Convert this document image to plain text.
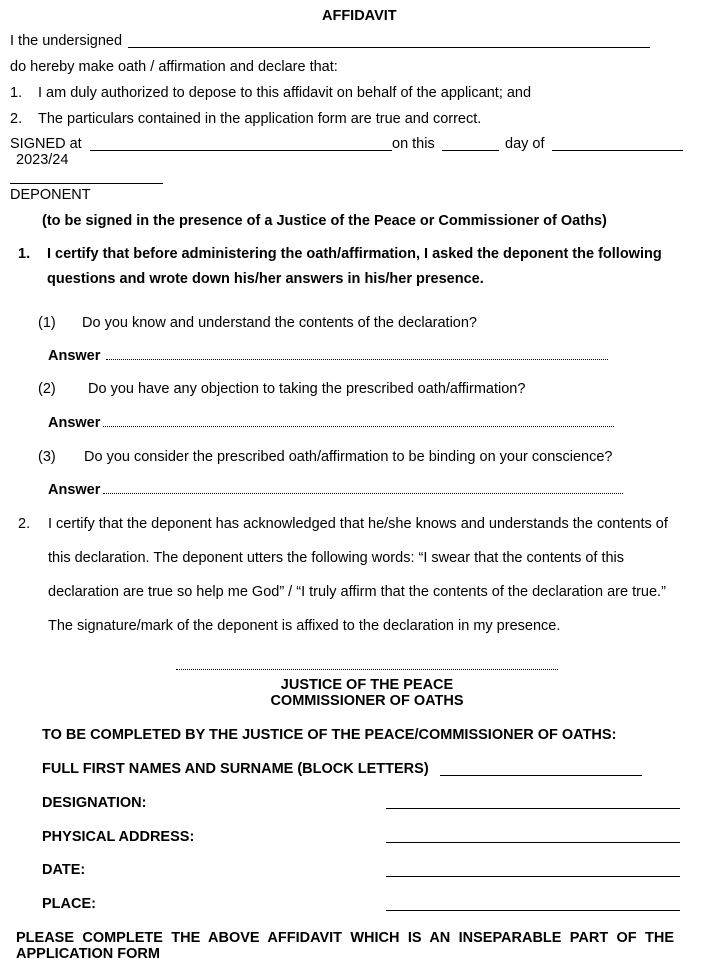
AFFIDAVIT
I the undersigned
do hereby make oath / affirmation and declare that:
1. I am duly authorized to depose to this affidavit on behalf of the applicant; and
2. The particulars contained in the application form are true and correct.
SIGNED at	on this	day of
2023/24
DEPONENT
(to be signed in the presence of a Justice of the Peace or Commissioner of Oaths)
1. I certify that before administering the oath/affirmation, I asked the deponent the following
questions and wrote down his/her answers in his/her presence.
(1) Do you know and understand the contents of the declaration?
Answer
(2) Do you have any objection to taking the prescribed oath/affirmation?
Answer
(3) Do you consider the prescribed oath/affirmation to be binding on your conscience?
Answer
2. I certify that the deponent has acknowledged that he/she knows and understands the contents of
this declaration. The deponent utters the following words: “I swear that the contents of this
declaration are true so help me God” / “I truly affirm that the contents of the declaration are true.”
The signature/mark of the deponent is affixed to the declaration in my presence.
JUSTICE OF THE PEACE
COMMISSIONER OF OATHS
TO BE COMPLETED BY THE JUSTICE OF THE PEACE/COMMISSIONER OF OATHS:
FULL FIRST NAMES AND SURNAME (BLOCK LETTERS)
DESIGNATION:
PHYSICAL ADDRESS:
DATE:
PLACE:
PLEASE COMPLETE THE ABOVE AFFIDAVIT WHICH IS AN INSEPARABLE PART OF THE
APPLICATION FORM
